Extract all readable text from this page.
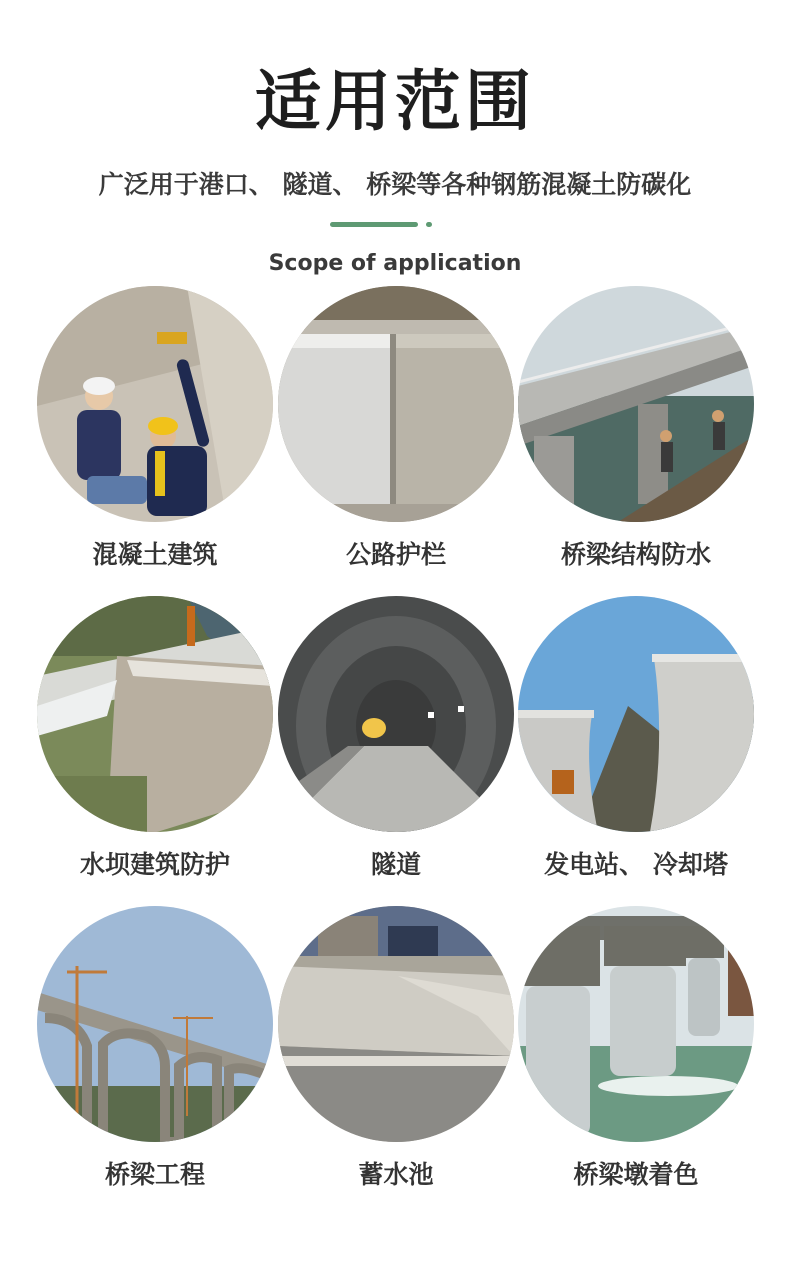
适用范围
广泛用于港口、 隧道、 桥梁等各种钢筋混凝土防碳化
Scope of application
混凝土建筑	公路护栏	桥梁结构防水
水坝建筑防护	隧道	发电站、 冷却塔
桥梁工程	蓄水池	桥梁墩着色
